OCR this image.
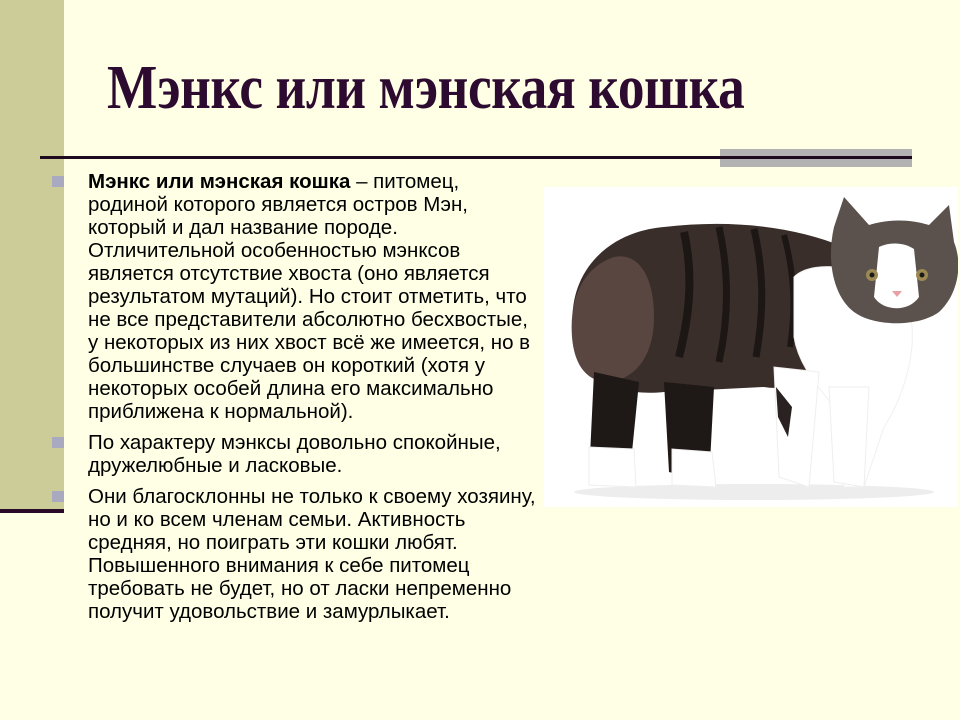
Мэнкс или мэнская кошка
Мэнкс или мэнская кошка – питомец, родиной которого является остров Мэн, который и дал название породе. Отличительной особенностью мэнксов является отсутствие хвоста (оно является результатом мутаций). Но стоит отметить, что не все представители абсолютно бесхвостые, у некоторых из них хвост всё же имеется, но в большинстве случаев он короткий (хотя у некоторых особей длина его максимально приближена к нормальной).
По характеру мэнксы довольно спокойные, дружелюбные и ласковые.
Они благосклонны не только к своему хозяину, но и ко всем членам семьи. Активность средняя, но поиграть эти кошки любят. Повышенного внимания к себе питомец требовать не будет, но от ласки непременно получит удовольствие и замурлыкает.
